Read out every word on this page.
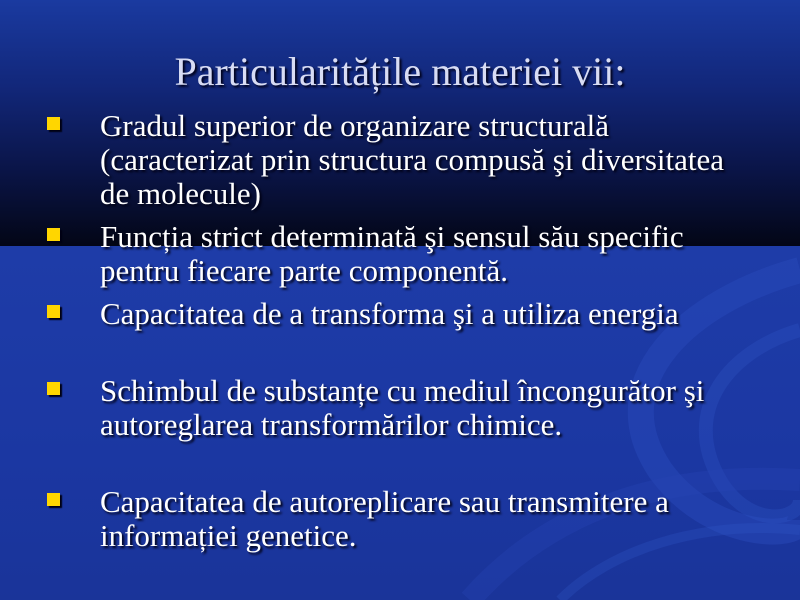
Particularitățile materiei vii:
Gradul superior de organizare structurală (caracterizat prin structura compusă şi diversitatea de molecule)
Funcția strict determinată şi sensul său specific pentru fiecare parte componentă.
Capacitatea de a transforma şi a utiliza energia
Schimbul de substanțe cu mediul încongurător şi autoreglarea transformărilor chimice.
Capacitatea de autoreplicare sau transmitere a informației genetice.
